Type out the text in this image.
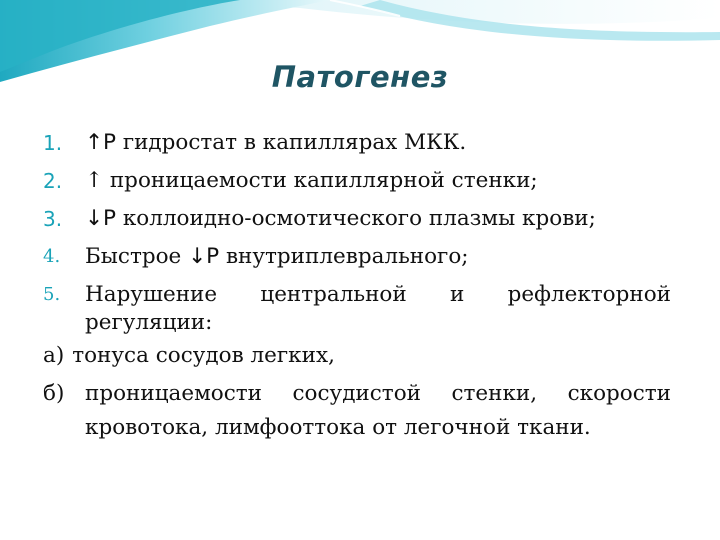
Патогенез
1.	↑Р гидростат в капиллярах МКК.
2.	↑ проницаемости капиллярной стенки;
3.	↓Р коллоидно-осмотического плазмы крови;
4.	Быстрое ↓Р внутриплеврального;
5.	Нарушение центральной и рефлекторной регуляции:
а) тонуса сосудов легких,
б) проницаемости сосудистой стенки, скорости кровотока, лимфооттока от легочной ткани.
